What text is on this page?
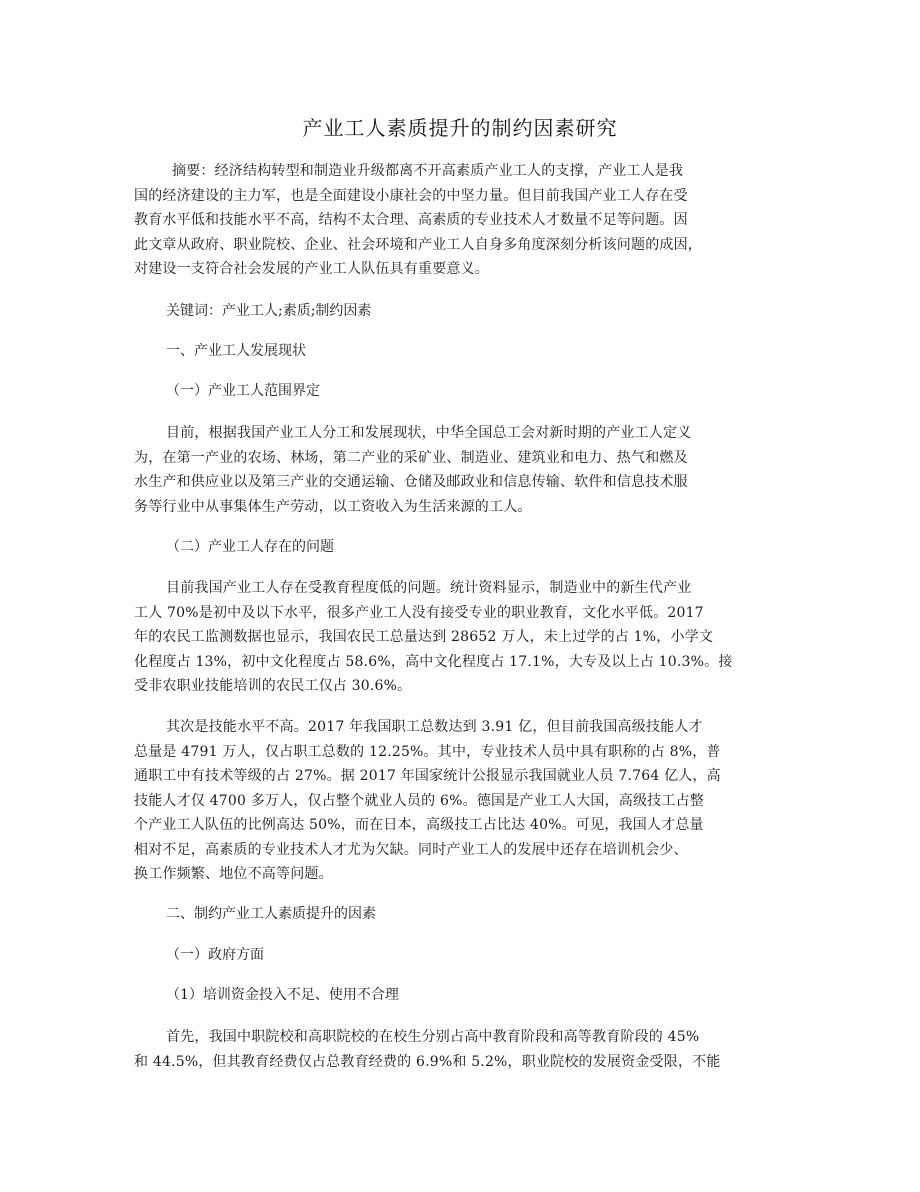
产业工人素质提升的制约因素研究
摘要：经济结构转型和制造业升级都离不开高素质产业工人的支撑，产业工人是我
国的经济建设的主力军，也是全面建设小康社会的中坚力量。但目前我国产业工人存在受
教育水平低和技能水平不高，结构不太合理、高素质的专业技术人才数量不足等问题。因
此文章从政府、职业院校、企业、社会环境和产业工人自身多角度深刻分析该问题的成因，
对建设一支符合社会发展的产业工人队伍具有重要意义。
关键词：产业工人;素质;制约因素
一、产业工人发展现状
（一）产业工人范围界定
目前，根据我国产业工人分工和发展现状，中华全国总工会对新时期的产业工人定义
为，在第一产业的农场、林场，第二产业的采矿业、制造业、建筑业和电力、热气和燃及
水生产和供应业以及第三产业的交通运输、仓储及邮政业和信息传输、软件和信息技术服
务等行业中从事集体生产劳动，以工资收入为生活来源的工人。
（二）产业工人存在的问题
目前我国产业工人存在受教育程度低的问题。统计资料显示，制造业中的新生代产业
工人 70%是初中及以下水平，很多产业工人没有接受专业的职业教育，文化水平低。2017
年的农民工监测数据也显示，我国农民工总量达到 28652 万人，未上过学的占 1%，小学文
化程度占 13%，初中文化程度占 58.6%，高中文化程度占 17.1%，大专及以上占 10.3%。接
受非农职业技能培训的农民工仅占 30.6%。
其次是技能水平不高。2017 年我国职工总数达到 3.91 亿，但目前我国高级技能人才
总量是 4791 万人，仅占职工总数的 12.25%。其中，专业技术人员中具有职称的占 8%，普
通职工中有技术等级的占 27%。据 2017 年国家统计公报显示我国就业人员 7.764 亿人，高
技能人才仅 4700 多万人，仅占整个就业人员的 6%。德国是产业工人大国，高级技工占整
个产业工人队伍的比例高达 50%，而在日本，高级技工占比达 40%。可见，我国人才总量
相对不足，高素质的专业技术人才尤为欠缺。同时产业工人的发展中还存在培训机会少、
换工作频繁、地位不高等问题。
二、制约产业工人素质提升的因素
（一）政府方面
（1）培训资金投入不足、使用不合理
首先，我国中职院校和高职院校的在校生分别占高中教育阶段和高等教育阶段的 45%
和 44.5%，但其教育经费仅占总教育经费的 6.9%和 5.2%，职业院校的发展资金受限，不能
